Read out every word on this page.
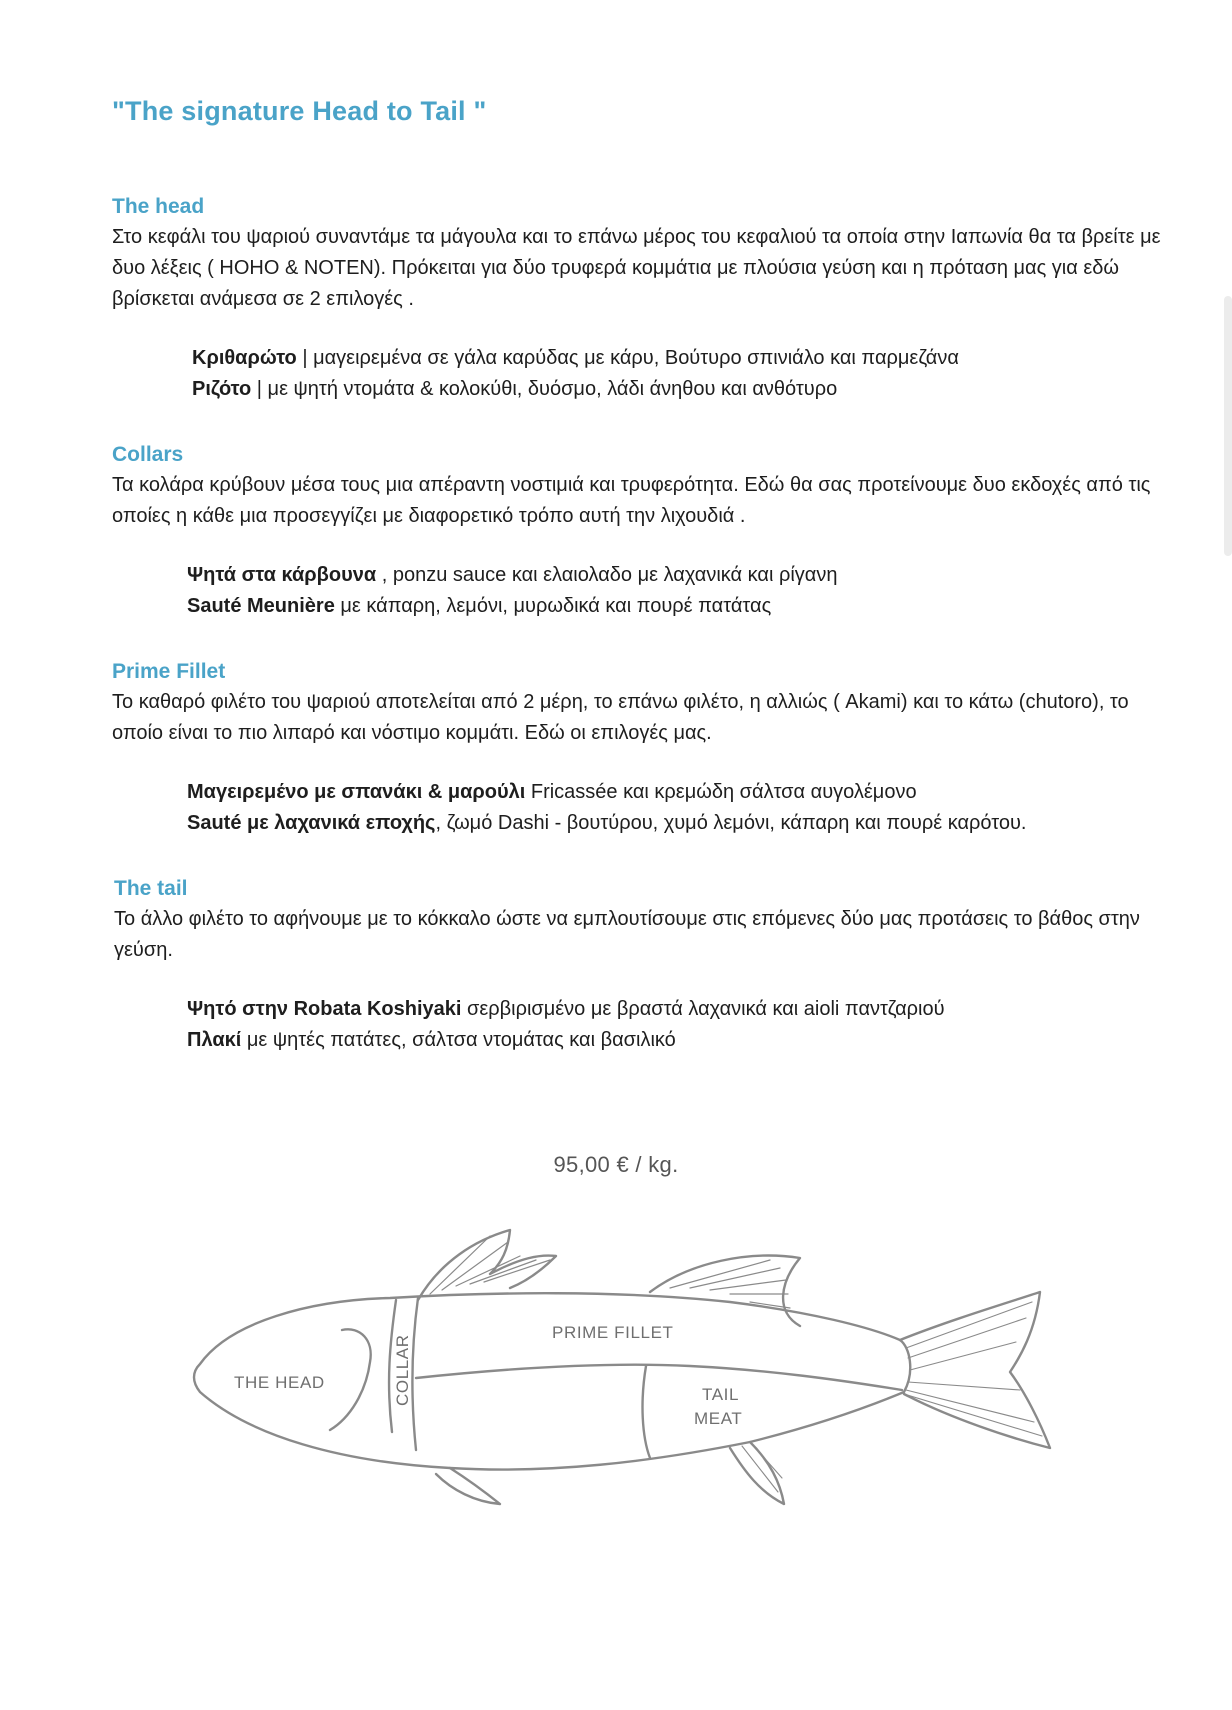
"The signature Head to Tail "
The head

Στο κεφάλι του ψαριού συναντάμε τα μάγουλα και το επάνω μέρος του κεφαλιού τα οποία στην Ιαπωνία θα τα βρείτε με δυο λέξεις ( HOHO & NOTEN). Πρόκειται για δύο τρυφερά κομμάτια με πλούσια γεύση και η πρόταση μας για εδώ βρίσκεται ανάμεσα σε 2 επιλογές .

Κριθαρώτο | μαγειρεμένα σε γάλα καρύδας με κάρυ, Βούτυρο σπινιάλο και παρμεζάνα
Ριζότο | με ψητή ντομάτα & κολοκύθι, δυόσμο, λάδι άνηθου και ανθότυρο
Collars

Τα κολάρα κρύβουν μέσα τους μια απέραντη νοστιμιά και τρυφερότητα. Εδώ θα σας προτείνουμε δυο εκδοχές από τις οποίες η κάθε μια προσεγγίζει με διαφορετικό τρόπο αυτή την λιχουδιά .

Ψητά στα κάρβουνα , ponzu sauce και ελαιολαδο με λαχανικά και ρίγανη
Sauté Meunière με κάπαρη, λεμόνι, μυρωδικά και πουρέ πατάτας
Prime Fillet

Το καθαρό φιλέτο του ψαριού αποτελείται από 2 μέρη, το επάνω φιλέτο, η αλλιώς ( Akami) και το κάτω (chutoro), το οποίο είναι το πιο λιπαρό και νόστιμο κομμάτι. Εδώ οι επιλογές μας.

Μαγειρεμένο με σπανάκι & μαρούλι Fricassée και κρεμώδη σάλτσα αυγολέμονο
Sauté με λαχανικά εποχής, ζωμό Dashi - βουτύρου, χυμό λεμόνι, κάπαρη και πουρέ καρότου.
The tail

Το άλλο φιλέτο το αφήνουμε με το κόκκαλο ώστε να εμπλουτίσουμε στις επόμενες δύο μας προτάσεις το βάθος στην γεύση.

Ψητό στην Robata Koshiyaki σερβιρισμένο με βραστά λαχανικά και aioli παντζαριού
Πλακί με ψητές πατάτες, σάλτσα ντομάτας και βασιλικό
95,00 € / kg.
THE HEAD	COLLAR
PRIME FILLET
TAIL
MEAT
